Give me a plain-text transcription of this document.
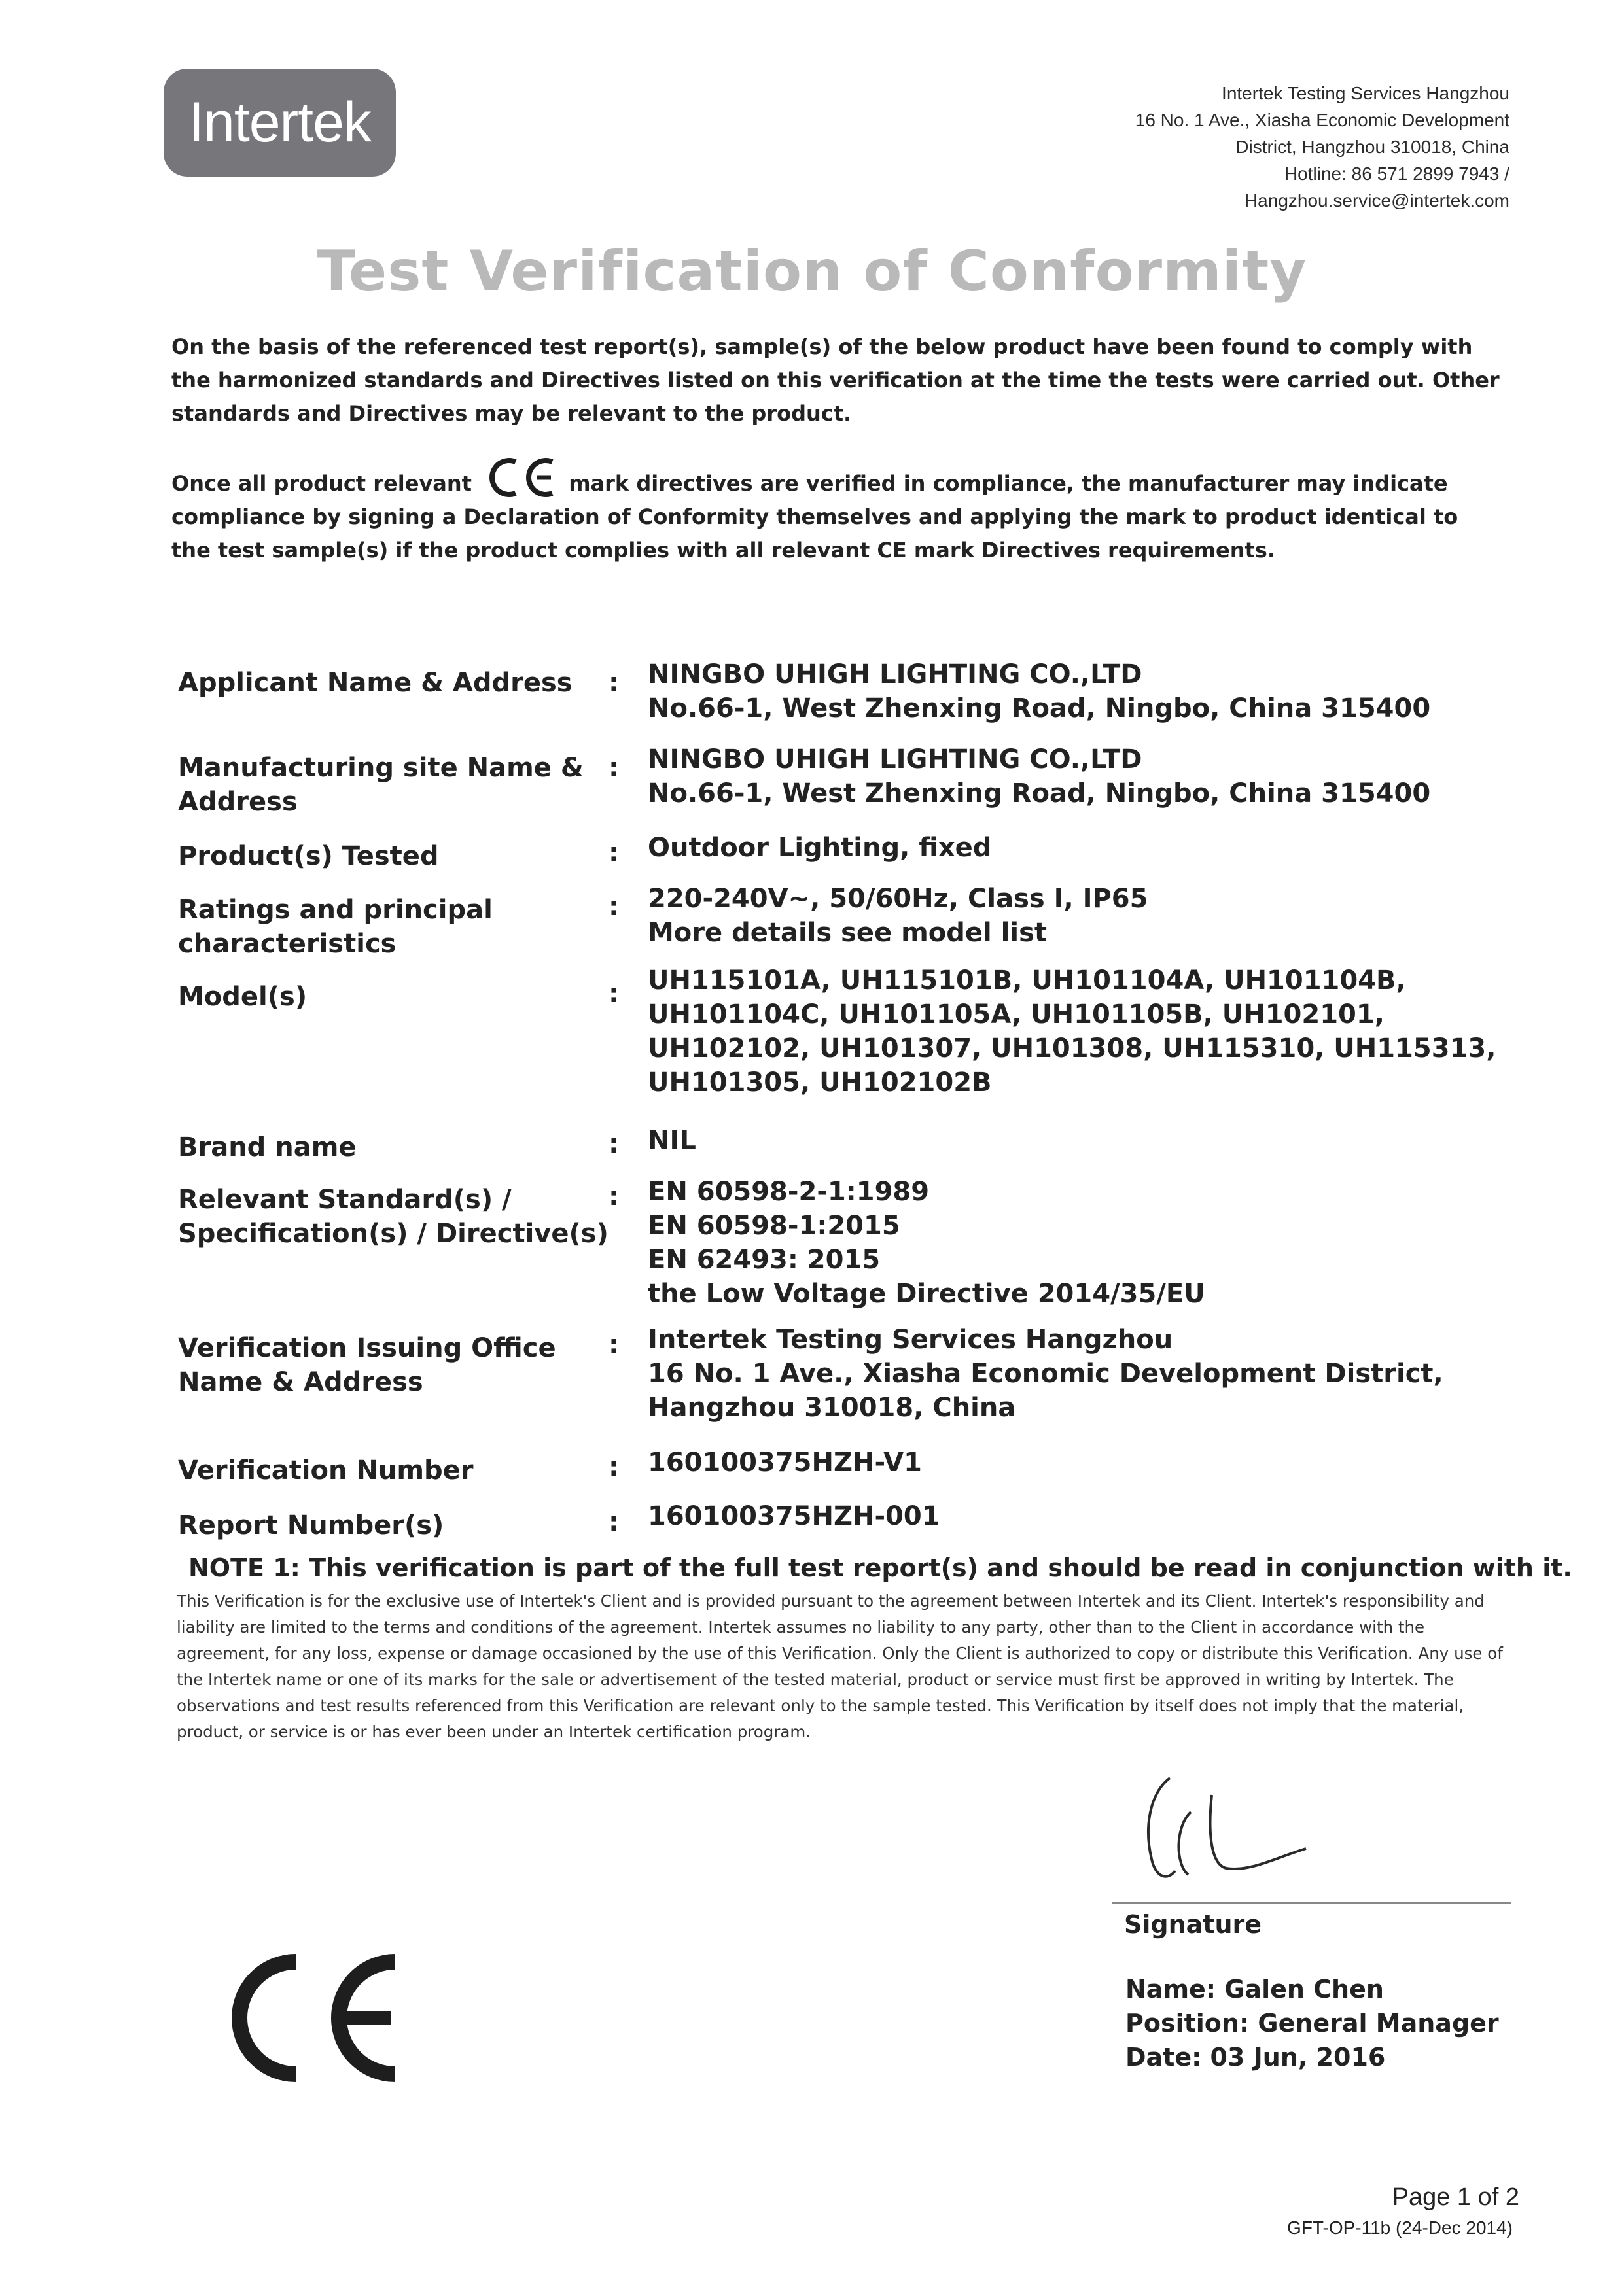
Intertek	Intertek Testing Services Hangzhou
16 No. 1 Ave., Xiasha Economic Development
District, Hangzhou 310018, China
Hotline: 86 571 2899 7943 /
Hangzhou.service@intertek.com
Test Verification of Conformity
On the basis of the referenced test report(s), sample(s) of the below product have been found to comply with the harmonized standards and Directives listed on this verification at the time the tests were carried out. Other standards and Directives may be relevant to the product.
Once all product relevant	mark directives are verified in compliance, the manufacturer may indicate compliance by signing a Declaration of Conformity themselves and applying the mark to product identical to the test sample(s) if the product complies with all relevant CE mark Directives requirements.
Applicant Name & Address	: NINGBO UHIGH LIGHTING CO.,LTD
No.66-1, West Zhenxing Road, Ningbo, China 315400
Manufacturing site Name & Address
: NINGBO UHIGH LIGHTING CO.,LTD
No.66-1, West Zhenxing Road, Ningbo, China 315400
Product(s) Tested	: Outdoor Lighting, fixed
Ratings and principal characteristics
: 220-240V~, 50/60Hz, Class I, IP65
More details see model list
Model(s)	: UH115101A, UH115101B, UH101104A, UH101104B,
UH101104C, UH101105A, UH101105B, UH102101,
UH102102, UH101307, UH101308, UH115310, UH115313,
UH101305, UH102102B
Brand name	: NIL
Relevant Standard(s) / Specification(s) / Directive(s)
: EN 60598-2-1:1989
EN 60598-1:2015
EN 62493: 2015
the Low Voltage Directive 2014/35/EU
Verification Issuing Office Name & Address
: Intertek Testing Services Hangzhou
16 No. 1 Ave., Xiasha Economic Development District,
Hangzhou 310018, China
Verification Number	: 160100375HZH-V1
Report Number(s)	: 160100375HZH-001
NOTE 1: This verification is part of the full test report(s) and should be read in conjunction with it.
This Verification is for the exclusive use of Intertek's Client and is provided pursuant to the agreement between Intertek and its Client. Intertek's responsibility and liability are limited to the terms and conditions of the agreement. Intertek assumes no liability to any party, other than to the Client in accordance with the agreement, for any loss, expense or damage occasioned by the use of this Verification. Only the Client is authorized to copy or distribute this Verification. Any use of the Intertek name or one of its marks for the sale or advertisement of the tested material, product or service must first be approved in writing by Intertek. The observations and test results referenced from this Verification are relevant only to the sample tested. This Verification by itself does not imply that the material, product, or service is or has ever been under an Intertek certification program.
Signature
Name: Galen Chen
Position: General Manager
Date: 03 Jun, 2016
Page 1 of 2
GFT-OP-11b (24-Dec 2014)
